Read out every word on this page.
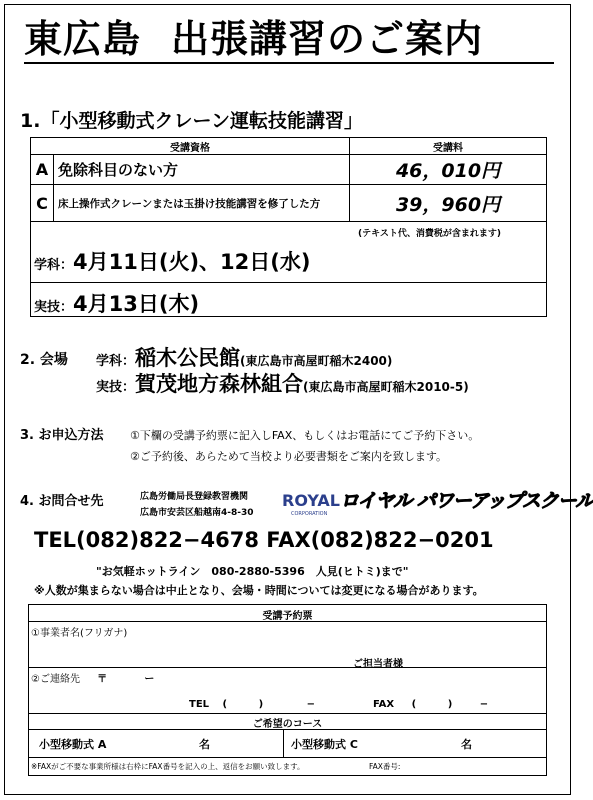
東広島 出張講習のご案内
1.「小型移動式クレーン運転技能講習」
受講資格		受講料
A	免除科目のない方	46，010円
C	床上操作式クレーンまたは玉掛け技能講習を修了した方	39，960円
(テキスト代、消費税が含まれます)
学科：4月11日(火)、12日(水)
実技：4月13日(木)
2. 会場 学科：稲木公民館(東広島市高屋町稲木2400)
実技：賀茂地方森林組合(東広島市高屋町稲木2010-5)
3. お申込方法 ①下欄の受講予約票に記入しFAX、もしくはお電話にてご予約下さい。
②ご予約後、あらためて当校より必要書類をご案内を致します。
4. お問合せ先	広島労働局長登録教習機関
広島市安芸区船越南4-8-30
ROYAL
CORPORATION
ロイヤル パワーアップスクール
TEL(082)822−4678 FAX(082)822−0201
"お気軽ホットライン　080-2880-5396　人見(ヒトミ)まで"
※人数が集まらない場合は中止となり、会場・時間については変更になる場合があります。
受講予約票
①事業者名(フリガナ)
ご担当者様
②ご連絡先 〒	ー
TEL (	)	−	FAX (	)	−
ご希望のコース
小型移動式 A	名	小型移動式 C	名
※FAXがご不要な事業所様は右枠にFAX番号を記入の上、返信をお願い致します。	FAX番号:
